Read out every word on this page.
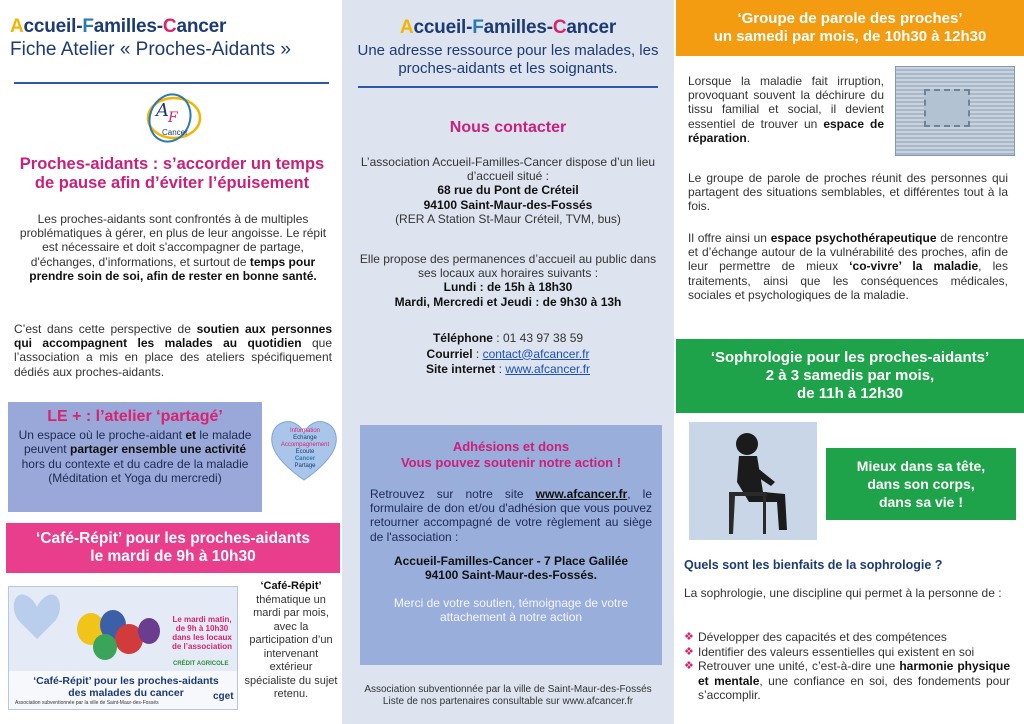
Accueil-Familles-Cancer
Fiche Atelier « Proches-Aidants »
A F
Cancer
Proches-aidants : s’accorder un temps de pause afin d’éviter l’épuisement
Les proches-aidants sont confrontés à de multiples problématiques à gérer, en plus de leur angoisse. Le répit est nécessaire et doit s'accompagner de partage, d'échanges, d’informations, et surtout de temps pour prendre soin de soi, afin de rester en bonne santé.
C’est dans cette perspective de soutien aux personnes qui accompagnent les malades au quotidien que l’association a mis en place des ateliers spécifiquement dédiés aux proches-aidants.
LE + : l’atelier ‘partagé’
Un espace où le proche-aidant et le malade peuvent partager ensemble une activité hors du contexte et du cadre de la maladie
(Méditation et Yoga du mercredi)
Information
Echange
Accompagnement
Ecoute
Cancer
Partage
‘Café-Répit’ pour les proches-aidants
le mardi de 9h à 10h30
Le mardi matin, de 9h à 10h30 dans les locaux de l’association
CRÉDIT AGRICOLE
‘Café-Répit’ pour les proches-aidants des malades du cancer
Association subventionnée par la ville de Saint-Maur-des-Fossés
cget
‘Café-Répit’
thématique un mardi par mois, avec la participation d’un intervenant extérieur spécialiste du sujet retenu.
Accueil-Familles-Cancer
Une adresse ressource pour les malades, les proches-aidants et les soignants.
Nous contacter
L’association Accueil-Familles-Cancer dispose d’un lieu d’accueil situé :
68 rue du Pont de Créteil
94100 Saint-Maur-des-Fossés
(RER A Station St-Maur Créteil, TVM, bus)
Elle propose des permanences d’accueil au public dans ses locaux aux horaires suivants :
Lundi : de 15h à 18h30
Mardi, Mercredi et Jeudi : de 9h30 à 13h
Téléphone : 01 43 97 38 59
Courriel : contact@afcancer.fr
Site internet : www.afcancer.fr
Adhésions et dons
Vous pouvez soutenir notre action !
Retrouvez sur notre site www.afcancer.fr, le formulaire de don et/ou d'adhésion que vous pouvez retourner accompagné de votre règlement au siège de l'association :
Accueil-Familles-Cancer - 7 Place Galilée
94100 Saint-Maur-des-Fossés.
Merci de votre soutien, témoignage de votre attachement à notre action
Association subventionnée par la ville de Saint-Maur-des-Fossés
Liste de nos partenaires consultable sur www.afcancer.fr
‘Groupe de parole des proches’
un samedi par mois, de 10h30 à 12h30
Lorsque la maladie fait irruption, provoquant souvent la déchirure du tissu familial et social, il devient essentiel de trouver un espace de réparation.
Le groupe de parole de proches réunit des personnes qui partagent des situations semblables, et différentes tout à la fois.
Il offre ainsi un espace psychothérapeutique de rencontre et d’échange autour de la vulnérabilité des proches, afin de leur permettre de mieux ‘co-vivre’ la maladie, les traitements, ainsi que les conséquences médicales, sociales et psychologiques de la maladie.
‘Sophrologie pour les proches-aidants’
2 à 3 samedis par mois,
de 11h à 12h30
Mieux dans sa tête,
dans son corps,
dans sa vie !
Quels sont les bienfaits de la sophrologie ?
La sophrologie, une discipline qui permet à la personne de :
❖ Développer des capacités et des compétences
❖ Identifier des valeurs essentielles qui existent en soi
❖ Retrouver une unité, c’est-à-dire une harmonie physique et mentale, une confiance en soi, des fondements pour s’accomplir.
